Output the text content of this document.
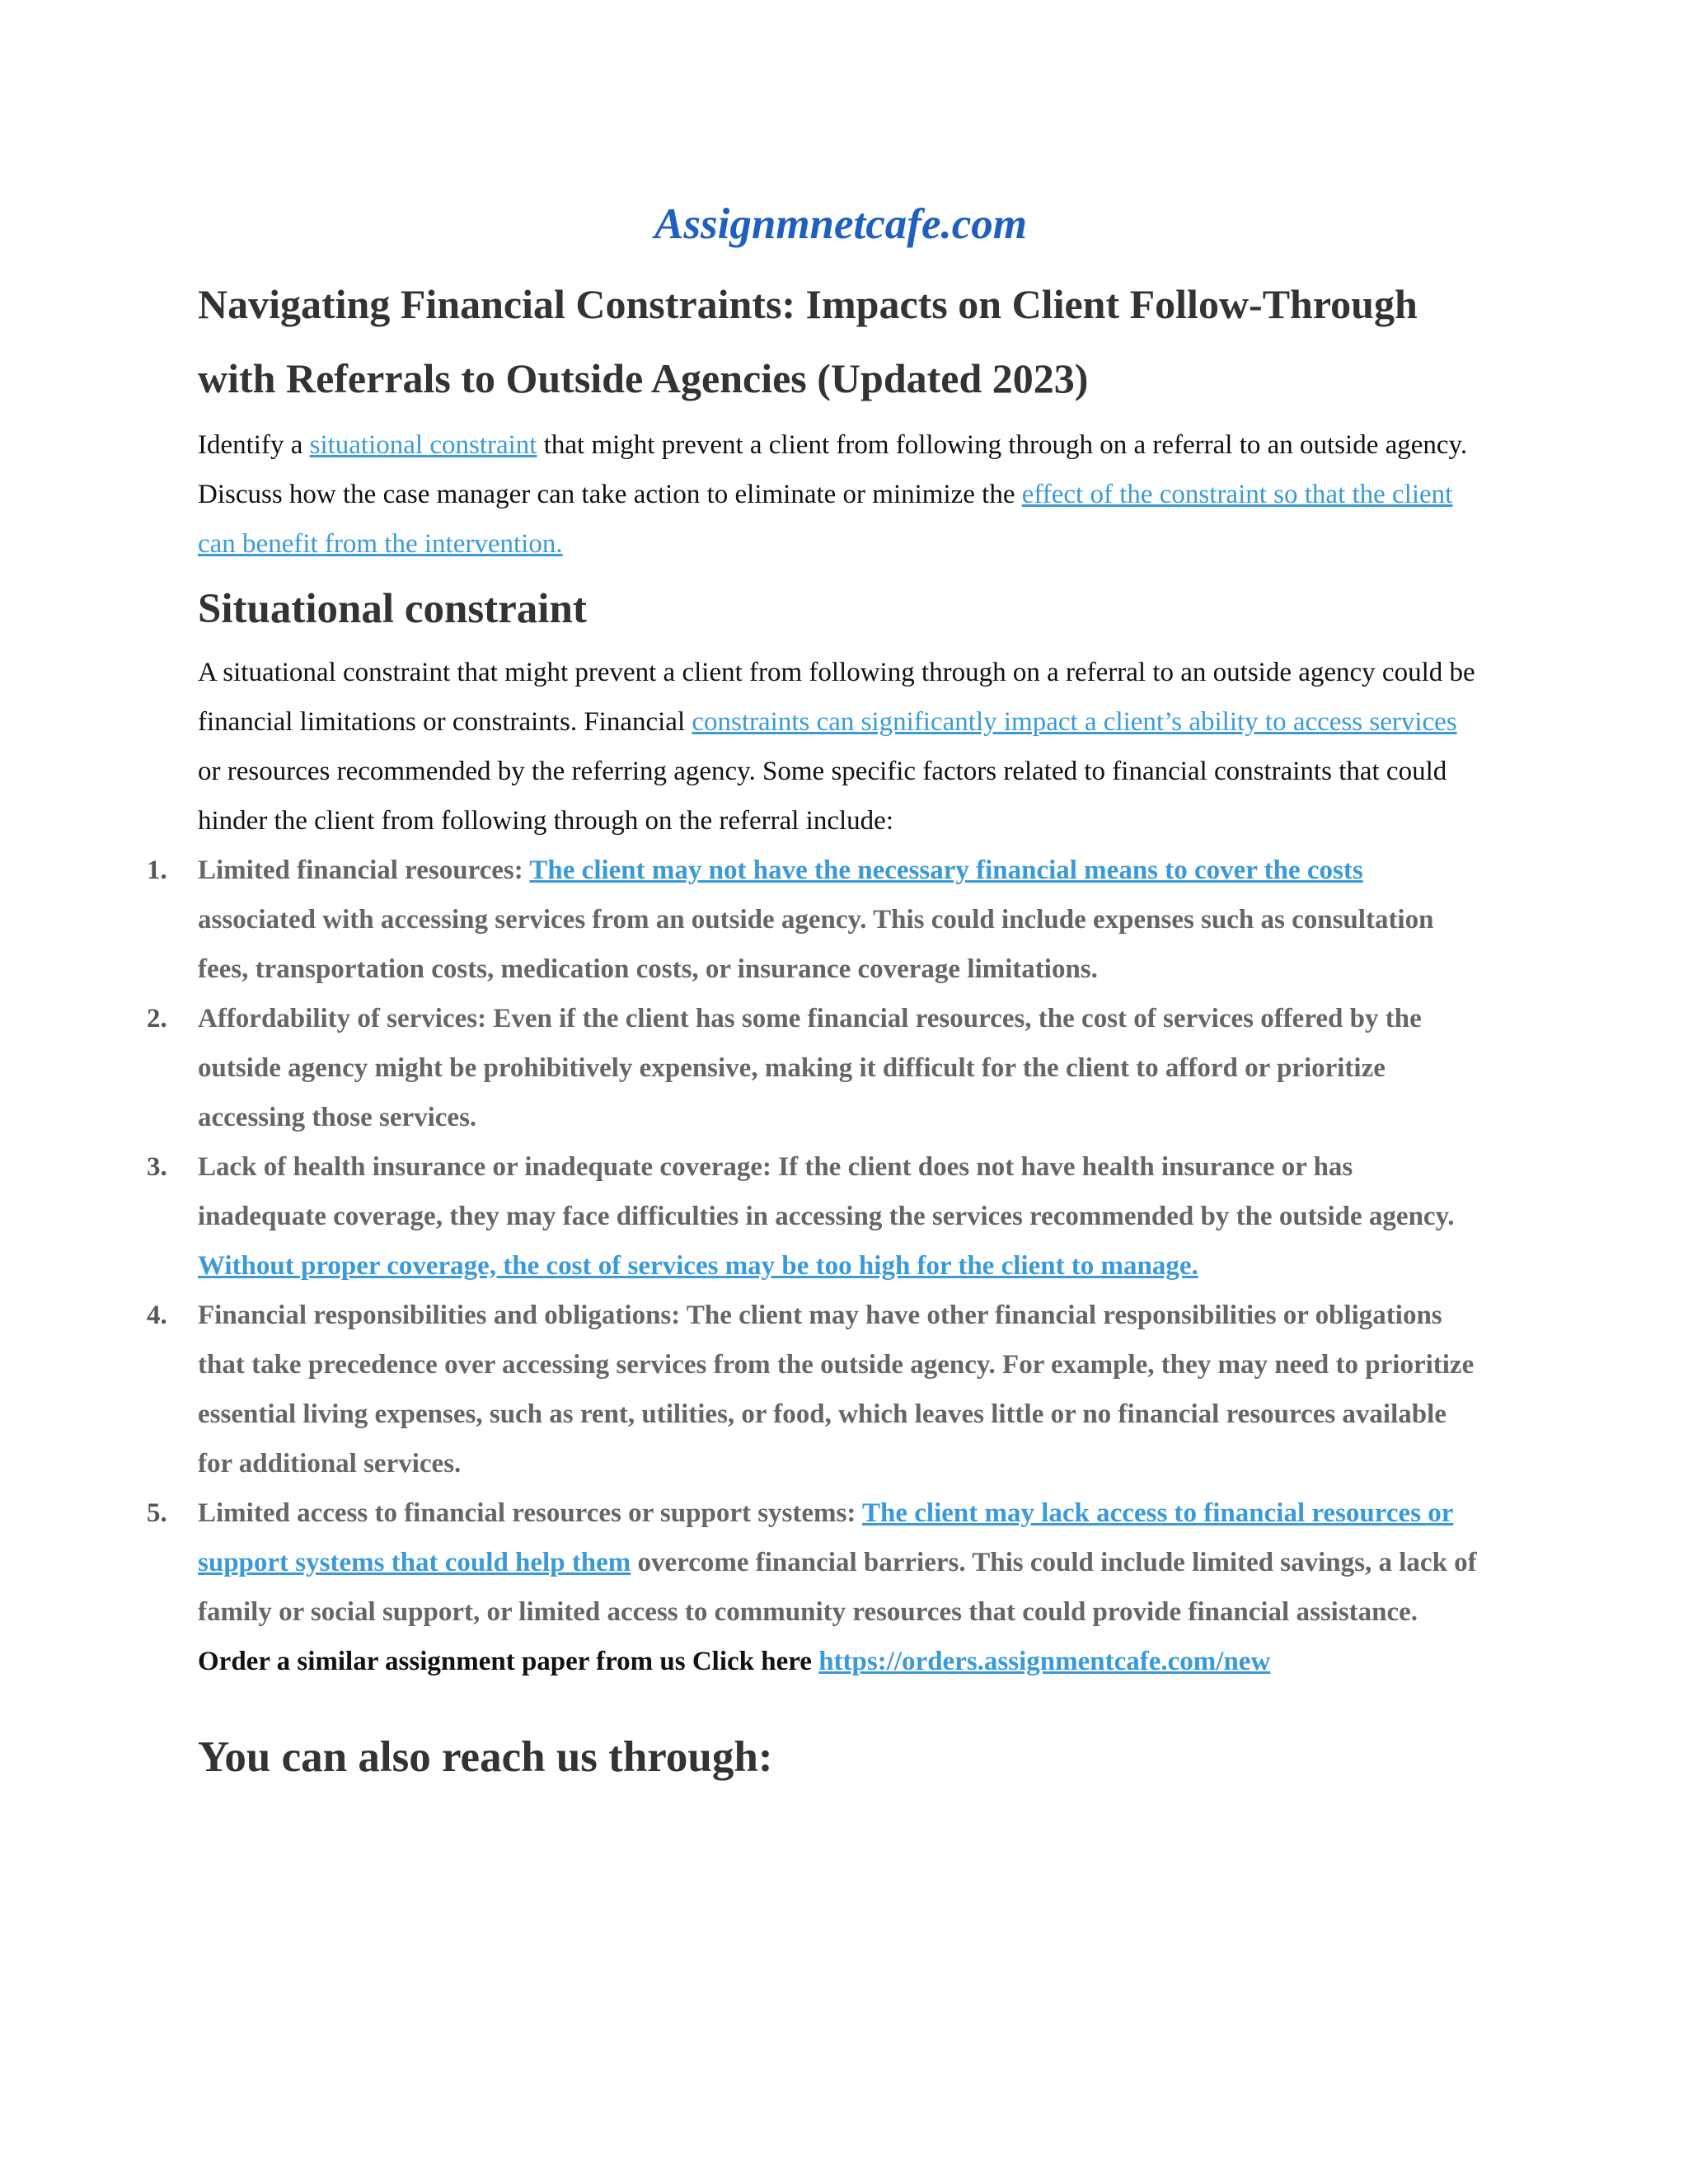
Assignmnetcafe.com
Navigating Financial Constraints: Impacts on Client Follow-Through with Referrals to Outside Agencies (Updated 2023)

Identify a situational constraint that might prevent a client from following through on a referral to an outside agency.

Discuss how the case manager can take action to eliminate or minimize the effect of the constraint so that the client can benefit from the intervention.

Situational constraint

A situational constraint that might prevent a client from following through on a referral to an outside agency could be financial limitations or constraints. Financial constraints can significantly impact a client’s ability to access services or resources recommended by the referring agency. Some specific factors related to financial constraints that could hinder the client from following through on the referral include:

1. Limited financial resources: The client may not have the necessary financial means to cover the costs associated with accessing services from an outside agency. This could include expenses such as consultation fees, transportation costs, medication costs, or insurance coverage limitations.
2. Affordability of services: Even if the client has some financial resources, the cost of services offered by the outside agency might be prohibitively expensive, making it difficult for the client to afford or prioritize accessing those services.
3. Lack of health insurance or inadequate coverage: If the client does not have health insurance or has inadequate coverage, they may face difficulties in accessing the services recommended by the outside agency. Without proper coverage, the cost of services may be too high for the client to manage.
4. Financial responsibilities and obligations: The client may have other financial responsibilities or obligations that take precedence over accessing services from the outside agency. For example, they may need to prioritize essential living expenses, such as rent, utilities, or food, which leaves little or no financial resources available for additional services.
5. Limited access to financial resources or support systems: The client may lack access to financial resources or support systems that could help them overcome financial barriers. This could include limited savings, a lack of family or social support, or limited access to community resources that could provide financial assistance.

Order a similar assignment paper from us Click here https://orders.assignmentcafe.com/new

You can also reach us through:
